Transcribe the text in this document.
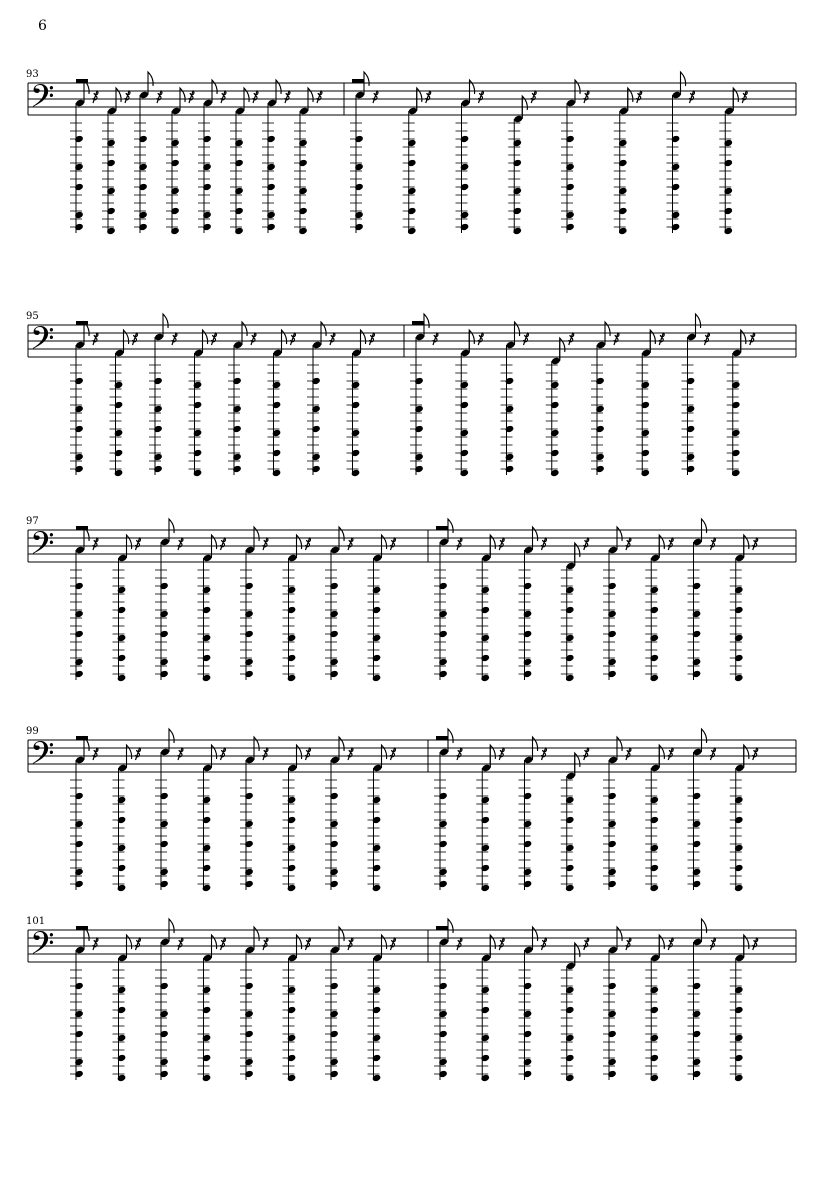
6
93
𝄢
95
𝄢
97
𝄢
99
𝄢
101
𝄢
